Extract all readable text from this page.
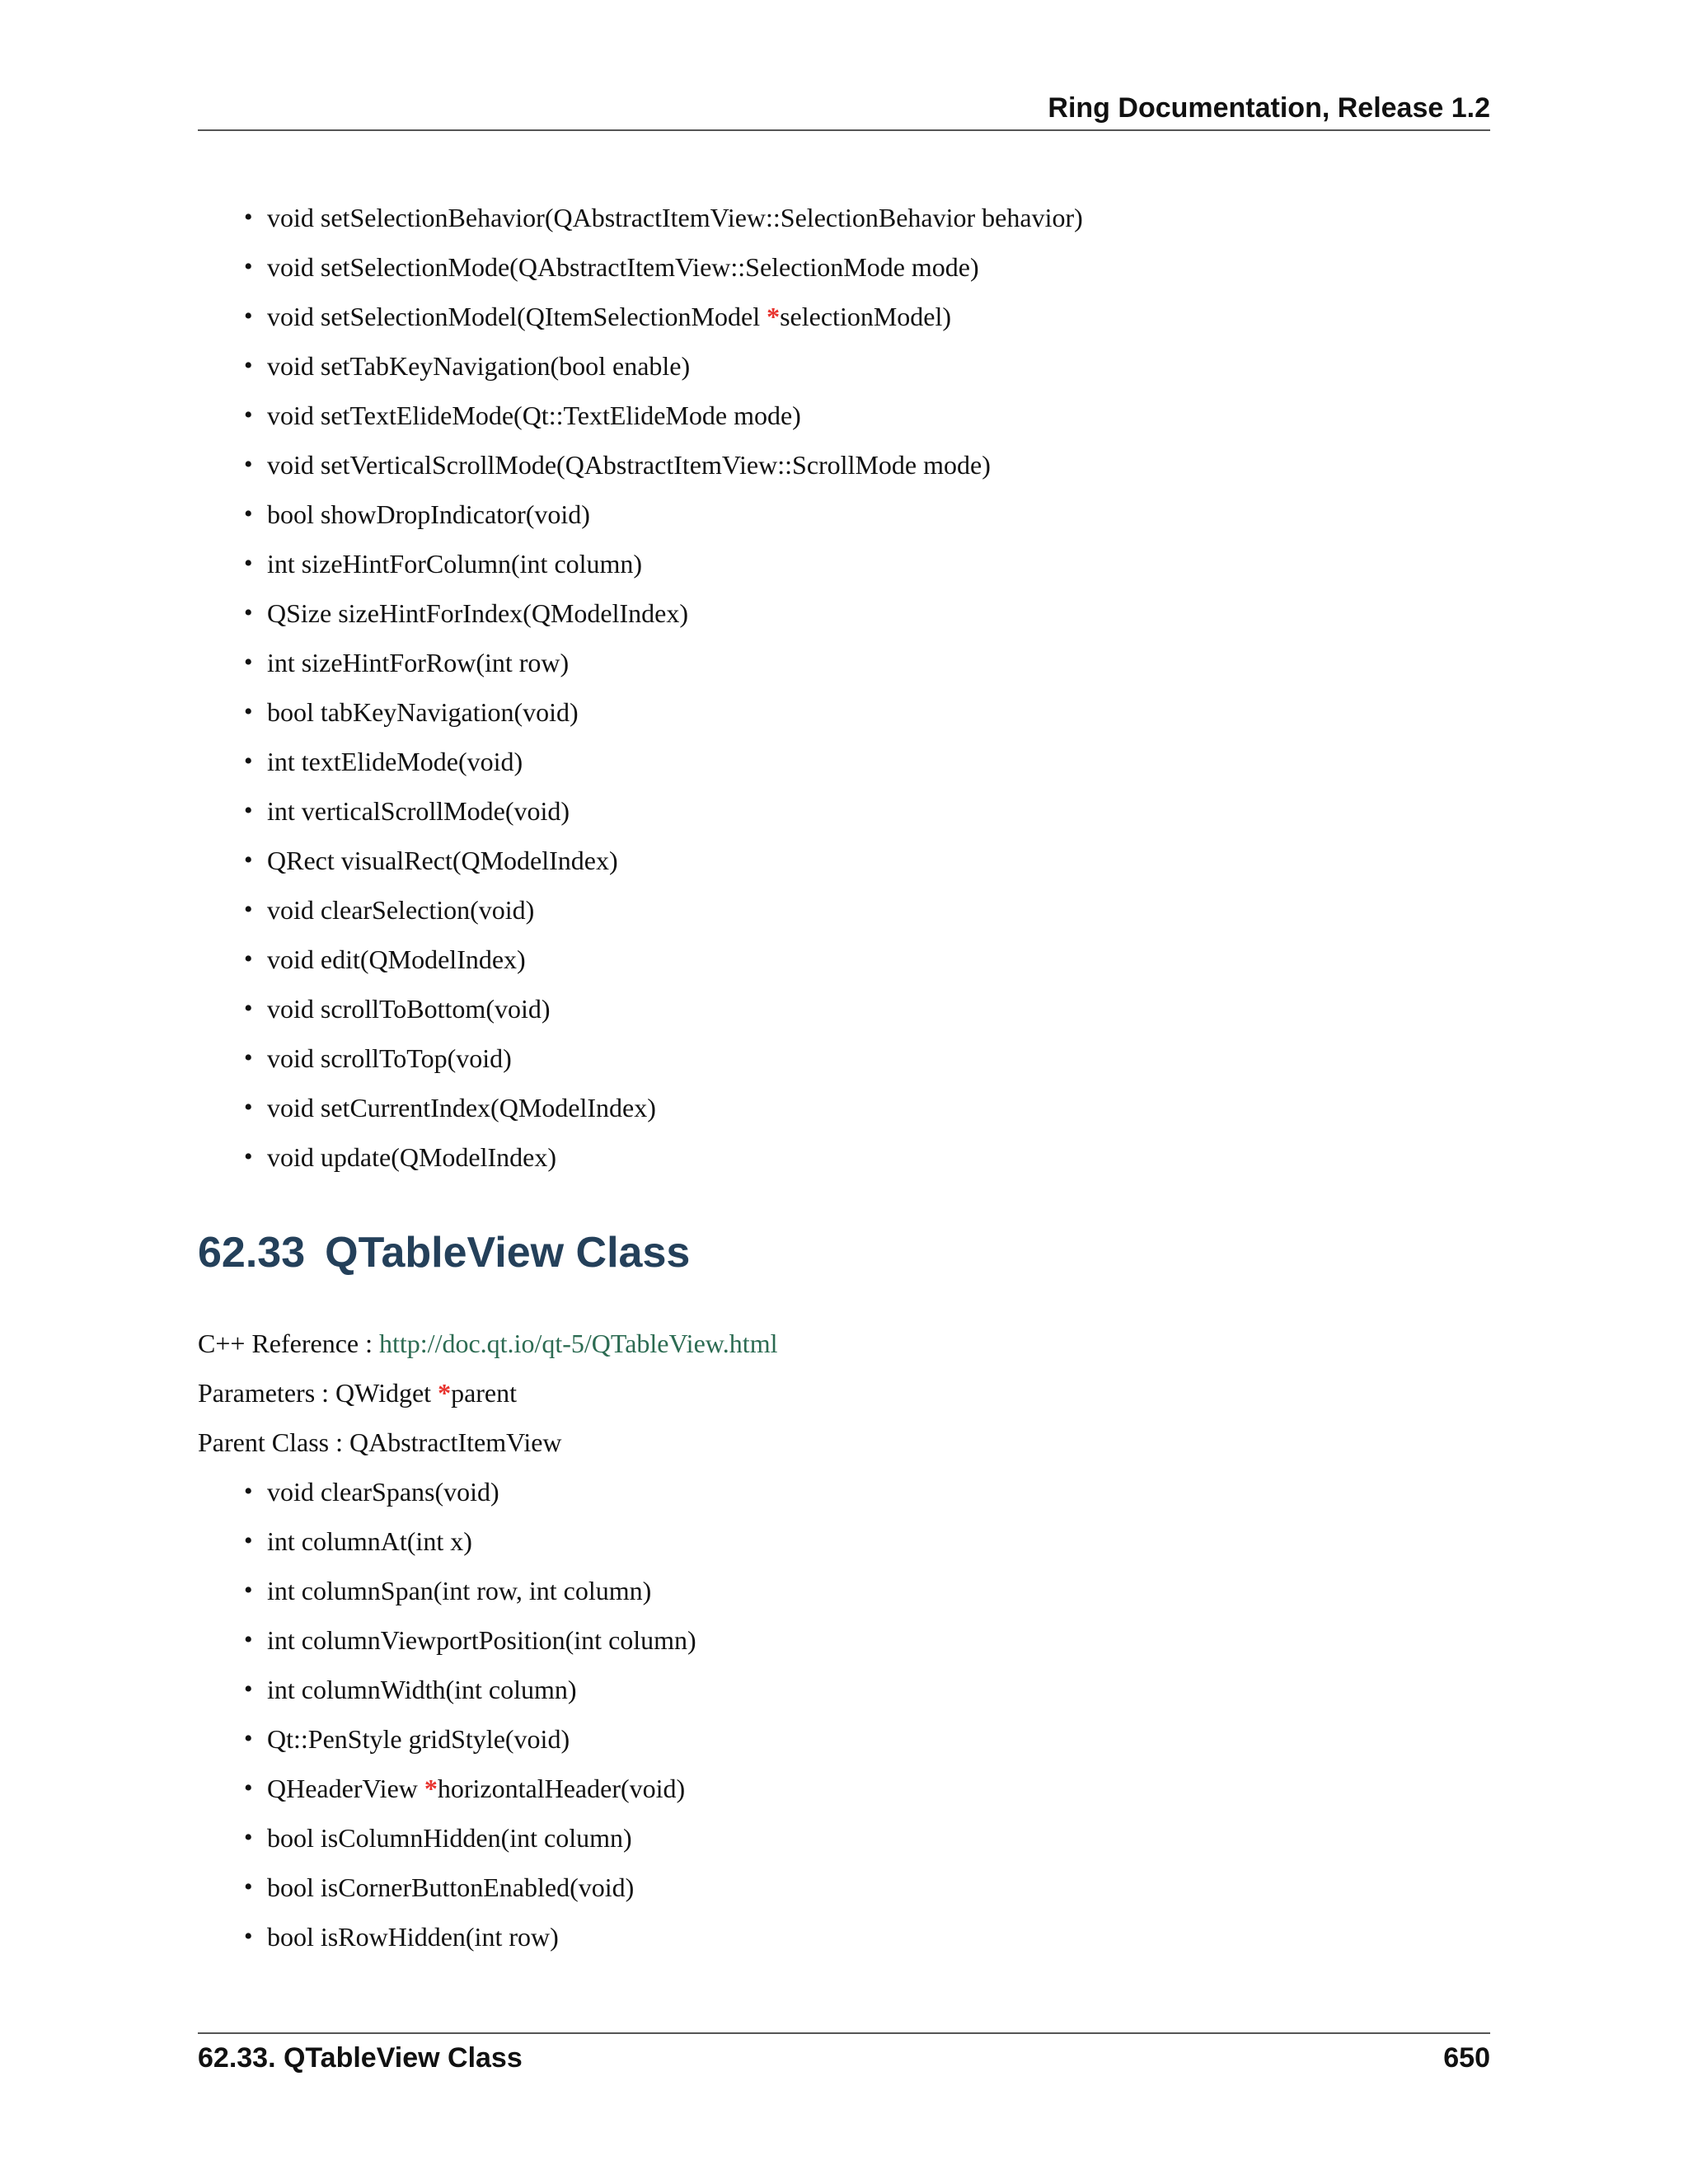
Ring Documentation, Release 1.2
• void setSelectionBehavior(QAbstractItemView::SelectionBehavior behavior)
• void setSelectionMode(QAbstractItemView::SelectionMode mode)
• void setSelectionModel(QItemSelectionModel *selectionModel)
• void setTabKeyNavigation(bool enable)
• void setTextElideMode(Qt::TextElideMode mode)
• void setVerticalScrollMode(QAbstractItemView::ScrollMode mode)
• bool showDropIndicator(void)
• int sizeHintForColumn(int column)
• QSize sizeHintForIndex(QModelIndex)
• int sizeHintForRow(int row)
• bool tabKeyNavigation(void)
• int textElideMode(void)
• int verticalScrollMode(void)
• QRect visualRect(QModelIndex)
• void clearSelection(void)
• void edit(QModelIndex)
• void scrollToBottom(void)
• void scrollToTop(void)
• void setCurrentIndex(QModelIndex)
• void update(QModelIndex)
62.33 QTableView Class
C++ Reference : http://doc.qt.io/qt-5/QTableView.html
Parameters : QWidget *parent
Parent Class : QAbstractItemView
• void clearSpans(void)
• int columnAt(int x)
• int columnSpan(int row, int column)
• int columnViewportPosition(int column)
• int columnWidth(int column)
• Qt::PenStyle gridStyle(void)
• QHeaderView *horizontalHeader(void)
• bool isColumnHidden(int column)
• bool isCornerButtonEnabled(void)
• bool isRowHidden(int row)
62.33. QTableView Class	650
